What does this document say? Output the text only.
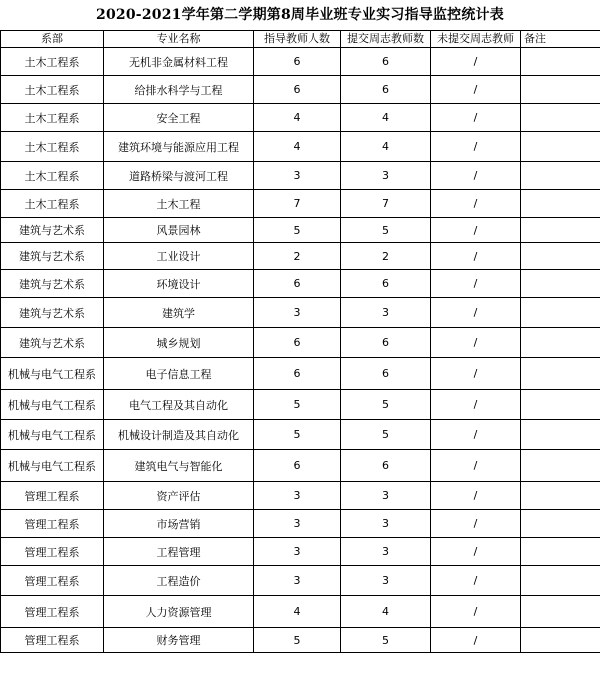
2020-2021学年第二学期第8周毕业班专业实习指导监控统计表
系部	专业名称	指导教师人数	提交周志教师数	未提交周志教师	备注
土木工程系	无机非金属材料工程	6	6	/	
土木工程系	给排水科学与工程	6	6	/	
土木工程系	安全工程	4	4	/	
土木工程系	建筑环境与能源应用工程	4	4	/	
土木工程系	道路桥梁与渡河工程	3	3	/	
土木工程系	土木工程	7	7	/	
建筑与艺术系	风景园林	5	5	/	
建筑与艺术系	工业设计	2	2	/	
建筑与艺术系	环境设计	6	6	/	
建筑与艺术系	建筑学	3	3	/	
建筑与艺术系	城乡规划	6	6	/	
机械与电气工程系	电子信息工程	6	6	/	
机械与电气工程系	电气工程及其自动化	5	5	/	
机械与电气工程系	机械设计制造及其自动化	5	5	/	
机械与电气工程系	建筑电气与智能化	6	6	/	
管理工程系	资产评估	3	3	/	
管理工程系	市场营销	3	3	/	
管理工程系	工程管理	3	3	/	
管理工程系	工程造价	3	3	/	
管理工程系	人力资源管理	4	4	/	
管理工程系	财务管理	5	5	/	
